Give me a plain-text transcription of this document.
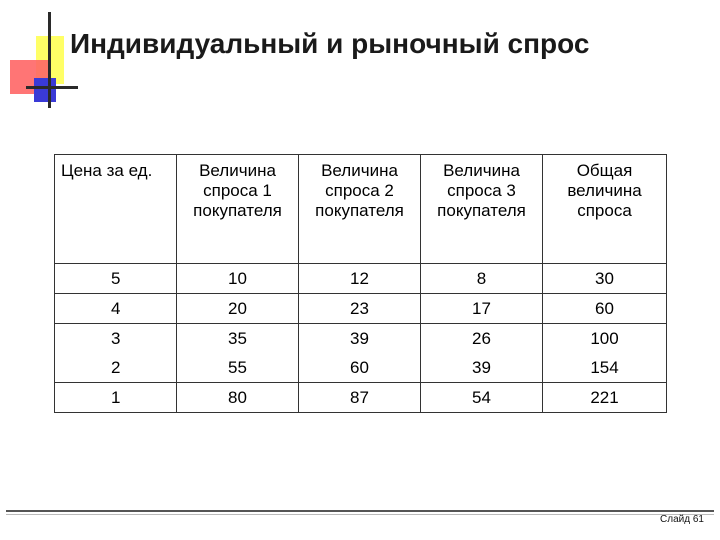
Индивидуальный и рыночный спрос
Цена за ед.	Величина спроса 1 покупателя	Величина спроса 2 покупателя	Величина спроса 3 покупателя	Общая величина спроса
5	10	12	8	30
4	20	23	17	60
3	35	39	26	100
2	55	60	39	154
1	80	87	54	221
Слайд 61
